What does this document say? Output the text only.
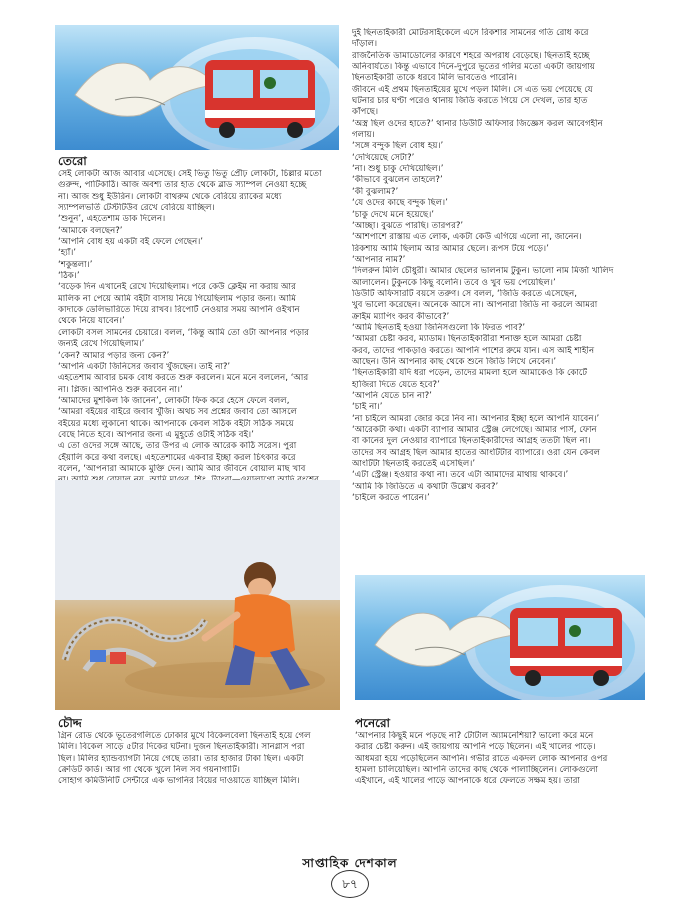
তেরো

সেই লোকটা আজ আবার এসেছে। সেই ভিতু ভিতু প্রৌঢ় লোকটা, চিল্লার মতো

গুরুন্দ, পাটিকাঠি। আজ অবশ্য তার হাত থেকে ব্লাড স্যাম্পল নেওয়া হচ্ছে

না। আজ শুধু ইউরিন। লোকটা বাথরুম থেকে বেরিয়ে র‍্যাকের মধ্যে

স্যাম্পলভর্তি টেস্টটিউব রেখে বেরিয়ে যাচ্ছিল।

‘শুনুন’, এহতেশাম ডাক দিলেন।

‘আমাকে বলছেন?’

‘আপনি বোধ হয় একটা বই ফেলে গেছেন।’

‘হ্যাঁ।’

‘শকুন্তলা।’

‘ঠিক।’

‘বড়েক দিন এখানেই রেখে দিয়েছিলাম। পরে কেউ ক্লেইম না করায় আর

মালিক না পেয়ে আমি বইটা বাসায় নিয়ে গিয়েছিলাম পড়ার জন্য। আমি

কাদাকে ডেলিভারিতে দিয়ে রাখব। রিপোর্ট নেওয়ার সময় আপনি ওইখান

থেকে নিয়ে যাবেন।’

লোকটা বসল সামনের চেয়ারে। বলল, ‘কিন্তু আমি তো ওটা আপনার পড়ার

জন্যই রেখে গিয়েছিলাম।’

‘কেন? আমার পড়ার জন্য কেন?’

‘আপনি একটা জিনিসের জবাব খুঁজছেন। তাই না?’

এহতেশাম আবার চমক বোধ করতে শুরু করলেন। মনে মনে বললেন, ‘আর

না। প্লিজ। আপনিও শুরু করবেন না।’

‘আমাদের মুশকিল কি জানেন’, লোকটা ফিক করে হেসে ফেলে বলল,

‘আমরা বইয়ের বাইরে জবাব খুঁজি। অথচ সব প্রশ্নের জবাব তো আসলে

বইয়ের মধ্যে লুকানো থাকে। আপনাকে কেবল সঠিক বইটা সঠিক সময়ে

বেছে নিতে হবে। আপনার জন্য এ মুহূর্তে ওটাই সঠিক বই।’

এ তো ওদের সঙ্গে আছে, তার উপর এ লোক আরেক কাঠি সরেস। পুরা

হেঁয়ালি করে কথা বলছে। এহতেশামের একবার ইচ্ছা করল চিৎকার করে

বলেন, ‘আপনারা আমাকে মুক্তি দেন। আমি আর জীবনে বোয়াল মাছ খাব

দুই ছিনতাইকারী মোটরসাইকেলে এসে রিকশার সামনের গতি রোধ করে

দাঁড়াল।

রাজনৈতিক ডামাডোলের কারণে শহরে অপরাধ বেড়েছে। ছিনতাই হচ্ছে

অনিবার্যতে। কিন্তু এভাবে দিনে-দুপুরে ভূতের গলির মতো একটা জায়গায়

ছিনতাইকারী তাকে ধরবে মিলি ভাবতেও পারেনি।

জীবনে এই প্রথম ছিনতাইয়ের মুখে পড়ল মিলি। সে এত ভয় পেয়েছে যে

ঘটনার চার ঘণ্টা পরেও থানায় জিডি করতে গিয়ে সে দেখল, তার হাত

কাঁপছে।

‘অস্ত্র ছিল ওদের হাতে?’ থানার ডিউটি অফিসার জিজ্ঞেস করল আবেগহীন

গলায়।

‘সঙ্গে বন্দুক ছিল বোধ হয়।’

‘দেখিয়েছে সেটা?’

‘না। শুধু চাকু দেখিয়েছিল।’

‘কীভাবে বুঝলেন তাহলে?’

‘কী বুঝলাম?’

‘যে ওদের কাছে বন্দুক ছিল।’

‘চাকু দেখে মনে হয়েছে।’

‘আচ্ছা। বুঝতে পারছি। তারপর?’

‘আশপাশে রাস্তায় এত লোক, একটা কেউ এগিয়ে এলো না, জানেন।

রিকশায় আমি ছিলাম আর আমার ছেলে। রূপস টয়ে পড়ে।’

‘আপনার নাম?’

‘দিলরুন মিলি চৌধুরী। আমার ছেলের ভালনাম টুকুন। ভালো নাম মির্জা খালিদ

আলালেন। টুকুনকে কিছু বলেনি। তবে ও খুব ভয় পেয়েছিল।’

ডিউটি অফিসারটি বয়সে তরুণ। সে বলল, ‘জিডি করতে এসেছেন,

খুব ভালো করেছেন। অনেকে আসে না। আপনারা জিডি না করলে আমরা

ক্রাইম ম্যাপিং করব কীভাবে?’

‘আমি ছিনতাই হওয়া জিনিসগুলো কি ফিরত পাব?’

‘আমরা চেষ্টা করব, ম্যাডাম। ছিনতাইকারীরা শনাক্ত হলে আমরা চেষ্টা

করব, তাদের পাকড়াও করতে। আপনি পাশের রুমে যান। এস আই শাহীন

আছেন। উনি আপনার কাছ থেকে শুনে জিডি লিখে নেবেন।’

‘ছিনতাইকারী যদি ধরা পড়েন, তাদের মামলা হলে আমাকেও কি কোর্টে

হাজিরা দিতে যেতে হবে?’

‘আপনি যেতে চান না?’

‘চাই না।’

‘না চাইলে আমরা জোর করে নিব না। আপনার ইচ্ছা হলে আপনি যাবেন।’

‘আরেকটা কথা। একটা ব্যাপার আমার স্ট্রেঞ্জ লেগেছে। আমার পার্স, ফোন

বা কানের দুল নেওয়ার ব্যাপারে ছিনতাইকারীদের আগ্রহ ততটা ছিল না।

তাদের সব আগ্রহ ছিল আমার হাতের আংটিটার ব্যাপারে। ওরা যেন কেবল

আংটিটা ছিনতাই করতেই এসেছিল।’

‘এটা স্ট্রেঞ্জ। হওয়ার কথা না। তবে এটা আমাদের মাথায় থাকবে।’

‘আমি কি জিডিতে এ কথাটা উল্লেখ করব?’

‘চাইলে করতে পারেন।’

চৌদ্দ

গ্রিন রোড থেকে ভূতেরগলিতে ঢোকার মুখে বিকেলবেলা ছিনতাই হয়ে গেল

মিলি। বিকেল সাড়ে ৫টার দিকের ঘটনা। দুজন ছিনতাইকারী। সানগ্লাস পরা

ছিল। মিলির হ্যান্ডব্যাগটা নিয়ে গেছে তারা। তার হাজার টাকা ছিল। একটা

ক্রেডিট কার্ড। আর গা থেকে খুলে নিল সব গয়নাগাটি।

সোহাগ কমিউনিটি সেন্টারে এক ভাগনির বিয়ের দাওয়াতে যাচ্ছিল মিলি।

পনেরো

‘আপনার কিছুই মনে পড়ছে না? টোটাল অ্যামনেশিয়া? ভালো করে মনে

করার চেষ্টা করুন। এই জায়গায় আপনি পড়ে ছিলেন। এই খালের পাড়ে।

আধমরা হয়ে পড়েছিলেন আপনি। গভীর রাতে একদল লোক আপনার ওপর

হামলা চালিয়েছিল। আপনি তাদের কাছ থেকে পালাচ্ছিলেন। লোকগুলো

এইখানে, এই খালের পাড়ে আপনাকে ধরে ফেলতে সক্ষম হয়। তারা

সাপ্তাহিক দেশকাল
৮৭
